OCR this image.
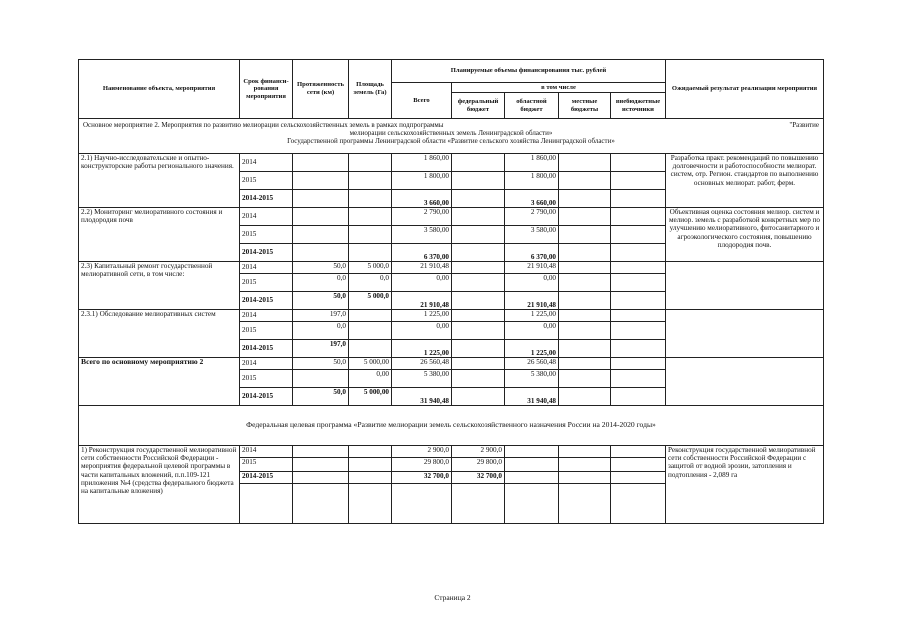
Наименование объекта, мероприятия	Срок финанси-рования мероприятия	Протяженность сети (км)	Площадь земель (Га)	Планируемые объемы финансирования тыс. рублей					Ожидаемый результат реализации мероприятия
				Всего	в том числе				
					федеральный бюджет	областной бюджет	местные бюджеты	внебюджетные источники	

Основное мероприятие 2. Мероприятия по развитию мелиорации сельскохозяйственных земель в рамках подпрограммы "Развитие
мелиорации сельскохозяйственных земель Ленинградской области»
Государственной программы Ленинградской области «Развитие сельского хозяйства Ленинградской области»									

2.1) Научно-исследовательские и опытно-конструкторские работы регионального значения.	2014			1 860,00		1 860,00			Разработка практ. рекомендаций по повышению долговечности и работоспособности мелиорат. систем, отр. Регион. стандартов по выполнению основных мелиорат. работ, ферм.
	2015			1 800,00		1 800,00			
	2014-2015			3 660,00		3 660,00			
2.2) Мониторинг мелиоративного состояния и плодородия почв	2014			2 790,00		2 790,00			Объективная оценка состояния мелиор. систем и мелиор. земель с разработкой конкретных мер по улучшению мелиоративного, фитосанитарного и агроэкологического состояния, повышению плодородия почв.
	2015			3 580,00		3 580,00			
	2014-2015			6 370,00		6 370,00			
2.3) Капитальный ремонт государственной мелиоративной сети, в том числе:	2014	50,0	5 000,0	21 910,48		21 910,48			
	2015	0,0	0,0	0,00		0,00			
	2014-2015	50,0	5 000,0	21 910,48		21 910,48			
2.3.1) Обследование мелиоративных систем	2014	197,0		1 225,00		1 225,00			
	2015	0,0		0,00		0,00			
	2014-2015	197,0		1 225,00		1 225,00			
Всего по основному мероприятию 2	2014	50,0	5 000,00	26 560,48		26 560,48			
	2015		0,00	5 380,00		5 380,00			
	2014-2015	50,0	5 000,00	31 940,48		31 940,48			
Федеральная целевая программа «Развитие мелиорации земель сельскохозяйственного назначения России на 2014-2020 годы»									
1) Реконструкция государственной мелиоративной сети собственности Российской Федерации - мероприятия федеральной целевой программы в части капитальных вложений, п.п.109-121 приложения №4 (средства федерального бюджета на капитальные вложения)	2014			2 900,0	2 900,0				Реконструкция государственной мелиоративной сети собственности Российской Федерации с защитой от водной эрозии, затопления и подтопления - 2,089 га
	2015			29 800,0	29 800,0				
	2014-2015			32 700,0	32 700,0				

Страница 2
